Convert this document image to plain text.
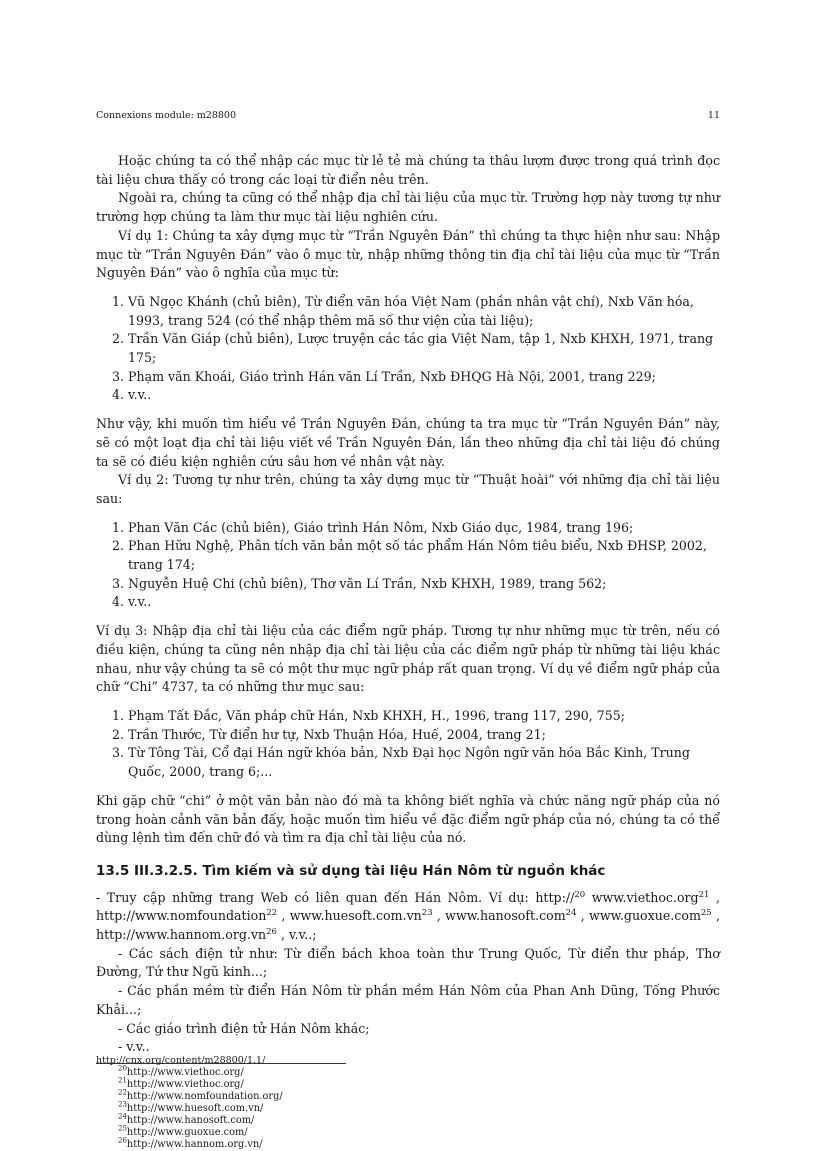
Connexions module: m28800	11

Hoặc chúng ta có thể nhập các mục từ lẻ tẻ mà chúng ta thâu lượm được trong quá trình đọc tài liệu chưa thấy có trong các loại từ điển nêu trên.

Ngoài ra, chúng ta cũng có thể nhập địa chỉ tài liệu của mục từ. Trường hợp này tương tự như trường hợp chúng ta làm thư mục tài liệu nghiên cứu.

Ví dụ 1: Chúng ta xây dựng mục từ “Trần Nguyên Đán” thì chúng ta thực hiện như sau: Nhập mục từ “Trần Nguyên Đán” vào ô mục từ, nhập những thông tin địa chỉ tài liệu của mục từ “Trần Nguyên Đán” vào ô nghĩa của mục từ:

1. Vũ Ngọc Khánh (chủ biên), Từ điển văn hóa Việt Nam (phần nhân vật chí), Nxb Văn hóa, 1993, trang 524 (có thể nhập thêm mã số thư viện của tài liệu);
2. Trần Văn Giáp (chủ biên), Lược truyện các tác gia Việt Nam, tập 1, Nxb KHXH, 1971, trang 175;
3. Phạm văn Khoái, Giáo trình Hán văn Lí Trần, Nxb ĐHQG Hà Nội, 2001, trang 229;
4. v.v..

Như vậy, khi muốn tìm hiểu về Trần Nguyên Đán, chúng ta tra mục từ “Trần Nguyên Đán” này, sẽ có một loạt địa chỉ tài liệu viết về Trần Nguyên Đán, lần theo những địa chỉ tài liệu đó chúng ta sẽ có điều kiện nghiên cứu sâu hơn về nhân vật này.

Ví dụ 2: Tương tự như trên, chúng ta xây dựng mục từ “Thuật hoài” với những địa chỉ tài liệu sau:

1. Phan Văn Các (chủ biên), Giáo trình Hán Nôm, Nxb Giáo dục, 1984, trang 196;
2. Phan Hữu Nghệ, Phân tích văn bản một số tác phẩm Hán Nôm tiêu biểu, Nxb ĐHSP, 2002, trang 174;
3. Nguyễn Huệ Chi (chủ biên), Thơ văn Lí Trần, Nxb KHXH, 1989, trang 562;
4. v.v..

Ví dụ 3: Nhập địa chỉ tài liệu của các điểm ngữ pháp. Tương tự như những mục từ trên, nếu có điều kiện, chúng ta cũng nên nhập địa chỉ tài liệu của các điểm ngữ pháp từ những tài liệu khác nhau, như vậy chúng ta sẽ có một thư mục ngữ pháp rất quan trọng. Ví dụ về điểm ngữ pháp của chữ “Chi” 4737, ta có những thư mục sau:

1. Phạm Tất Đắc, Văn pháp chữ Hán, Nxb KHXH, H., 1996, trang 117, 290, 755;
2. Trần Thước, Từ điển hư tự, Nxb Thuận Hóa, Huế, 2004, trang 21;
3. Từ Tông Tài, Cổ đại Hán ngữ khóa bản, Nxb Đại học Ngôn ngữ văn hóa Bắc Kinh, Trung Quốc, 2000, trang 6;...

Khi gặp chữ “chi” ở một văn bản nào đó mà ta không biết nghĩa và chức năng ngữ pháp của nó trong hoàn cảnh văn bản đấy, hoặc muốn tìm hiểu về đặc điểm ngữ pháp của nó, chúng ta có thể dùng lệnh tìm đến chữ đó và tìm ra địa chỉ tài liệu của nó.

13.5 III.3.2.5. Tìm kiếm và sử dụng tài liệu Hán Nôm từ nguồn khác

- Truy cập những trang Web có liên quan đến Hán Nôm. Ví dụ: http://$^{20}$ www.viethoc.org$^{21}$ , http://www.nomfoundation$^{22}$ , $www.huesoft.com.vn^{23}$ , www.hanosoft.com$^{24}$ , www.guoxue.com$^{25}$ , $http://www.hannom.org.vn^{26}$ , v.v..;

- Các sách điện tử như: Từ điển bách khoa toàn thư Trung Quốc, Từ điển thư pháp, Thơ Đường, Tứ thư Ngũ kinh...;

- Các phần mềm từ điển Hán Nôm từ phần mềm Hán Nôm của Phan Anh Dũng, Tống Phước Khải...;

- Các giáo trình điện tử Hán Nôm khác;

- v.v..

$^{20}$http://www.viethoc.org/
$^{21}$http://www.viethoc.org/
$^{22}$http://www.nomfoundation.org/
$^{23}$http://www.huesoft.com.vn/
$^{24}$http://www.hanosoft.com/
$^{25}$http://www.guoxue.com/
$^{26}$http://www.hannom.org.vn/
http://cnx.org/content/m28800/1.1/
